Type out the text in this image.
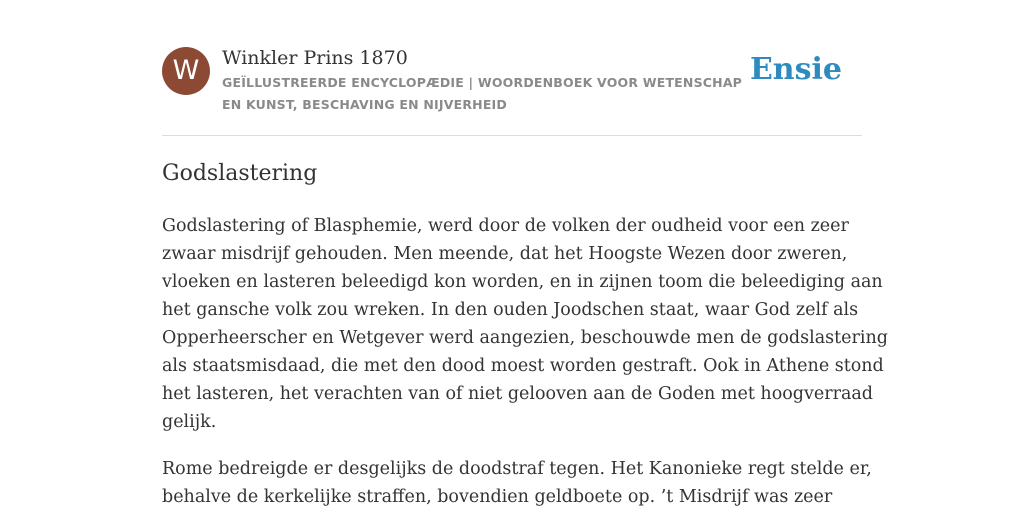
W	Winkler Prins 1870
GEÏLLUSTREERDE ENCYCLOPÆDIE | WOORDENBOEK VOOR WETENSCHAP EN KUNST, BESCHAVING EN NIJVERHEID
Ensie
Godslastering

Godslastering of Blasphemie, werd door de volken der oudheid voor een zeer
zwaar misdrijf gehouden. Men meende, dat het Hoogste Wezen door zweren,
vloeken en lasteren beleedigd kon worden, en in zijnen toom die beleediging aan
het gansche volk zou wreken. In den ouden Joodschen staat, waar God zelf als
Opperheerscher en Wetgever werd aangezien, beschouwde men de godslastering
als staatsmisdaad, die met den dood moest worden gestraft. Ook in Athene stond
het lasteren, het verachten van of niet gelooven aan de Goden met hoogverraad
gelijk.

Rome bedreigde er desgelijks de doodstraf tegen. Het Kanonieke regt stelde er,
behalve de kerkelijke straffen, bovendien geldboete op. ’t Misdrijf was zeer
